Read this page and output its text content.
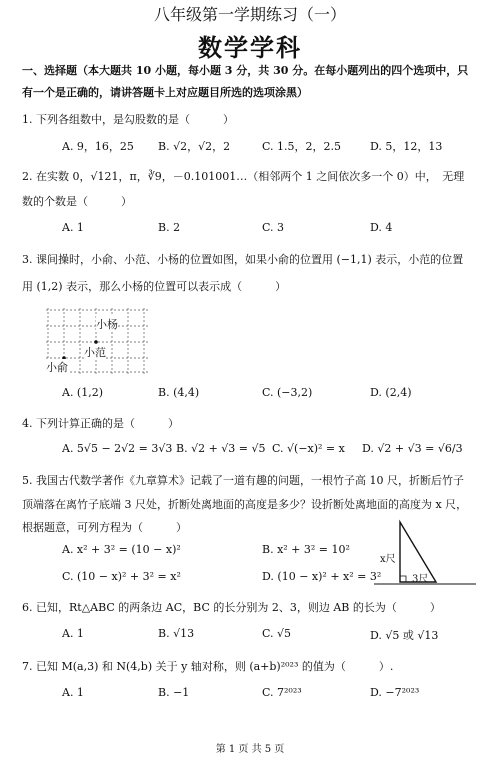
八年级第一学期练习（一）
数学学科
一、选择题（本大题共 10 小题，每小题 3 分，共 30 分。在每小题列出的四个选项中，只
有一个是正确的，请讲答题卡上对应题目所选的选项涂黑）
1. 下列各组数中，是勾股数的是（　　　）
A. 9，16，25 B. √2，√2，2	C. 1.5，2，2.5	D. 5，12，13
2. 在实数 0，√121，π，∛9，－0.101001…（相邻两个 1 之间依次多一个 0）中，　无理
数的个数是（　　　）
A. 1	B. 2	C. 3	D. 4
3. 课间操时，小俞、小范、小杨的位置如图，如果小俞的位置用 (−1,1) 表示，小范的位置
用 (1,2) 表示，那么小杨的位置可以表示成（　　　）
小杨
小范
小俞
A. (1,2)	B. (4,4)	C. (−3,2)	D. (2,4)
4. 下列计算正确的是（　　　）
A. 5√5 − 2√2 = 3√3 B. √2 + √3 = √5 C. √(−x)² = x D. √2 + √3 = √6/3
5. 我国古代数学著作《九章算术》记载了一道有趣的问题，一根竹子高 10 尺，折断后竹子
顶端落在离竹子底端 3 尺处，折断处离地面的高度是多少？设折断处离地面的高度为 x 尺，
根据题意，可列方程为（　　　）
x尺
3尺
A. x² + 3² = (10 − x)²	B. x² + 3² = 10²
C. (10 − x)² + 3² = x²	D. (10 − x)² + x² = 3²
6. 已知，Rt△ABC 的两条边 AC，BC 的长分别为 2、3，则边 AB 的长为（　　　）
A. 1	B. √13	C. √5	D. √5 或 √13
7. 已知 M(a,3) 和 N(4,b) 关于 y 轴对称，则 (a+b)²⁰²³ 的值为（　　　）.
A. 1	B. −1	C. 7²⁰²³	D. −7²⁰²³
第 1 页 共 5 页
